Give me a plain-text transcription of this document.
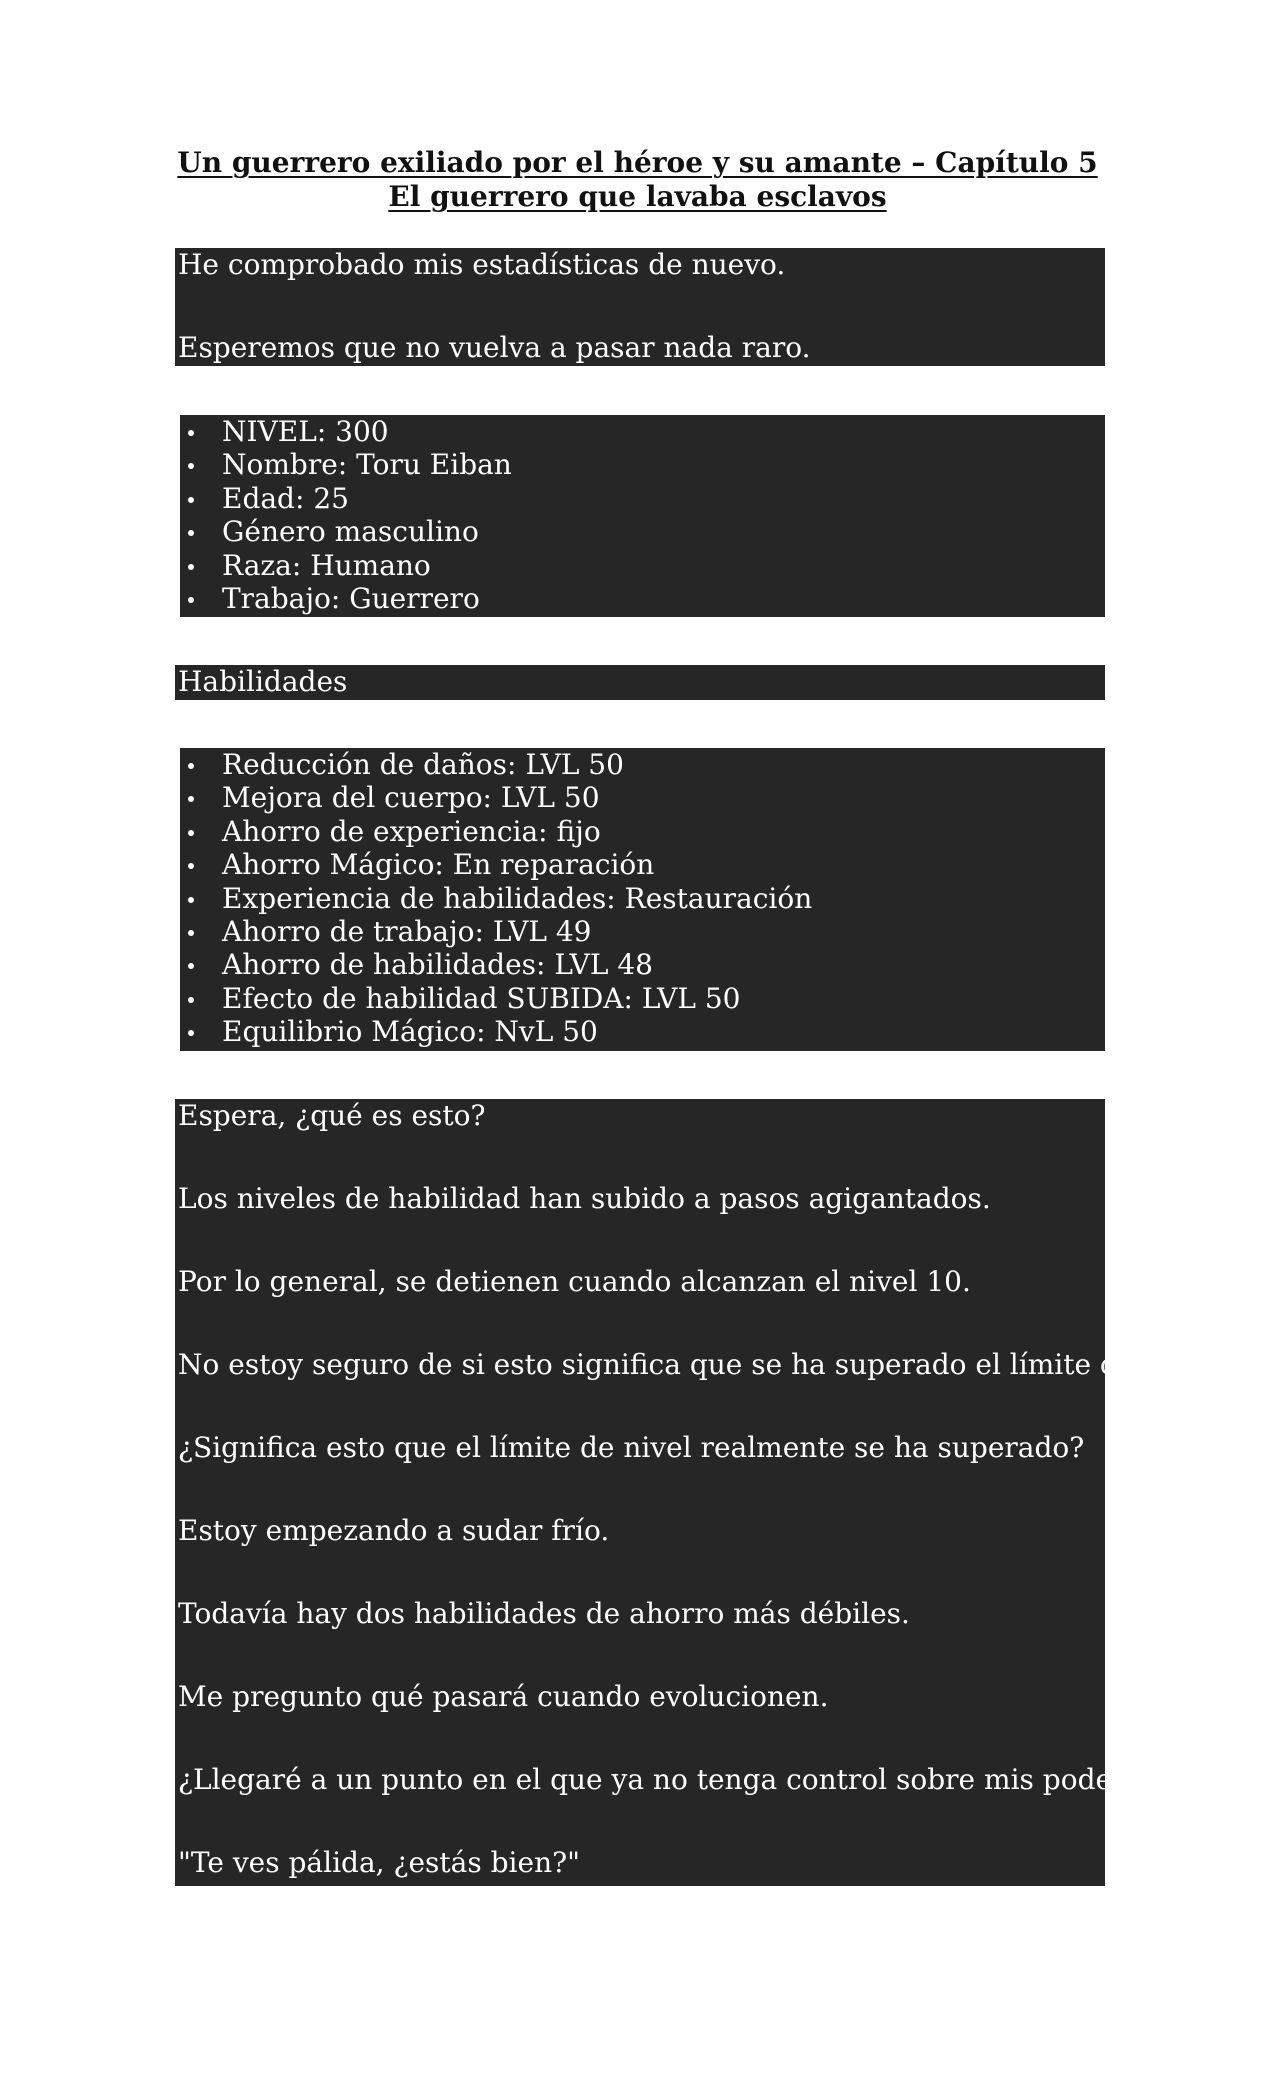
Un guerrero exiliado por el héroe y su amante – Capítulo 5
El guerrero que lavaba esclavos

He comprobado mis estadísticas de nuevo.

Esperemos que no vuelva a pasar nada raro.

NIVEL: 300
Nombre: Toru Eiban
Edad: 25
Género masculino
Raza: Humano
Trabajo: Guerrero

Habilidades

Reducción de daños: LVL 50
Mejora del cuerpo: LVL 50
Ahorro de experiencia: fijo
Ahorro Mágico: En reparación
Experiencia de habilidades: Restauración
Ahorro de trabajo: LVL 49
Ahorro de habilidades: LVL 48
Efecto de habilidad SUBIDA: LVL 50
Equilibrio Mágico: NvL 50

Espera, ¿qué es esto?

Los niveles de habilidad han subido a pasos agigantados.

Por lo general, se detienen cuando alcanzan el nivel 10.

No estoy seguro de si esto significa que se ha superado el límite o no.

¿Significa esto que el límite de nivel realmente se ha superado?

Estoy empezando a sudar frío.

Todavía hay dos habilidades de ahorro más débiles.

Me pregunto qué pasará cuando evolucionen.

¿Llegaré a un punto en el que ya no tenga control sobre mis poderes?

"Te ves pálida, ¿estás bien?"
